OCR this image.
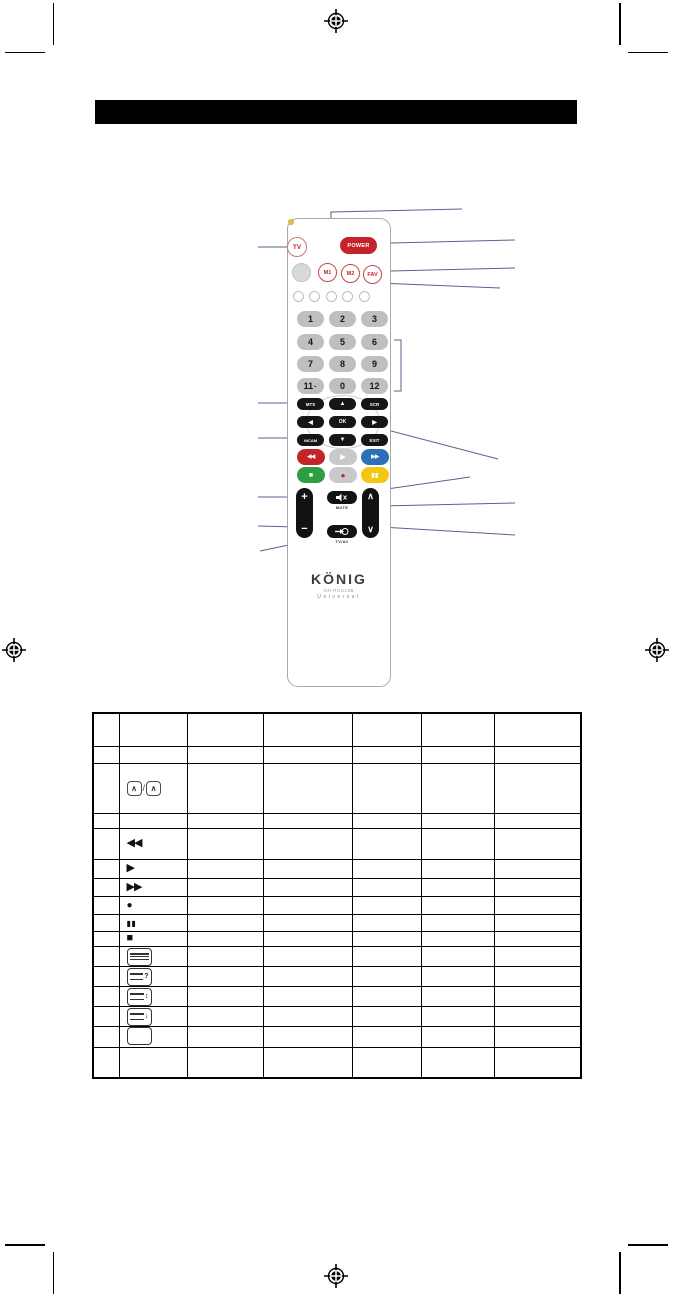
TV	POWER
M1	M2	FAV
1	2	3
4	5	6
7	8	9
11 ⌄	0	12
MTS	▲	SCR
◀	OK	▶
NICAM	▼	EXIT
◀◀	▶	▶▶
■	●	▮▮
+
−
MUTE
TV/AV
∧
∨
KÖNIG
KN-RCU10B
Universal

	∧ / ∧					

	◀◀					
	▶					
	▶▶					
	●					
	▮▮					
	■					

	?					

	↕					

	↓					
